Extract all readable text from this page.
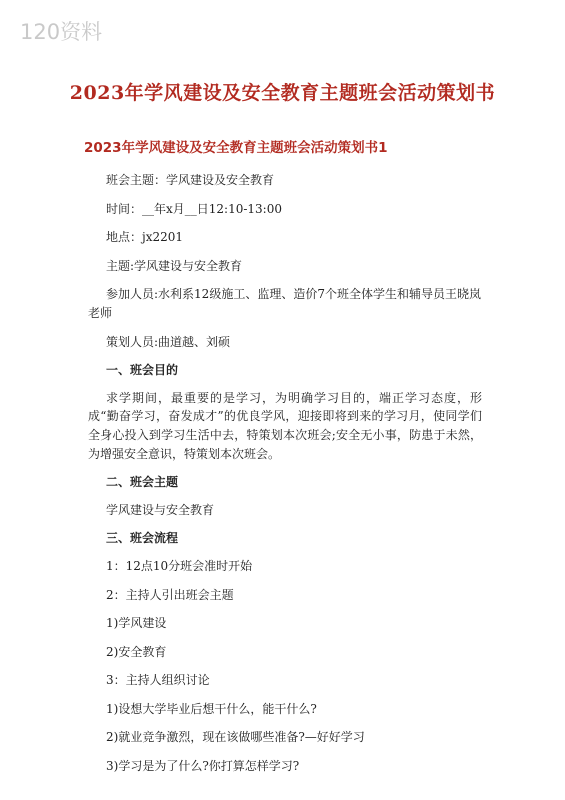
120资料
2023年学风建设及安全教育主题班会活动策划书
2023年学风建设及安全教育主题班会活动策划书1

班会主题：学风建设及安全教育

时间：__年x月__日12:10-13:00

地点：jx2201

主题:学风建设与安全教育

参加人员:水利系12级施工、监理、造价7个班全体学生和辅导员王晓岚老师

策划人员:曲道越、刘硕

一、班会目的

求学期间，最重要的是学习，为明确学习目的，端正学习态度，形成“勤奋学习，奋发成才”的优良学风，迎接即将到来的学习月，使同学们全身心投入到学习生活中去，特策划本次班会;安全无小事，防患于未然，为增强安全意识，特策划本次班会。

二、班会主题

学风建设与安全教育

三、班会流程

1：12点10分班会准时开始

2：主持人引出班会主题

1)学风建设

2)安全教育

3：主持人组织讨论

1)设想大学毕业后想干什么，能干什么?

2)就业竞争激烈，现在该做哪些准备?—好好学习

3)学习是为了什么?你打算怎样学习?
